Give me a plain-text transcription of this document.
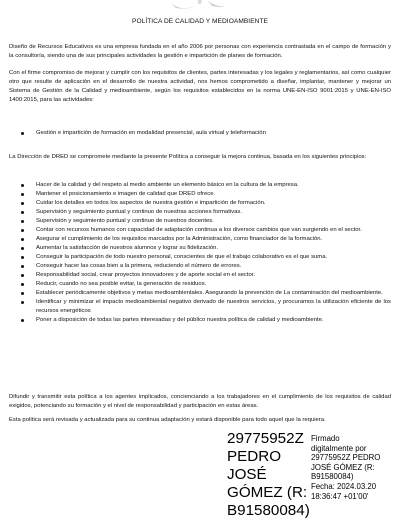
POLÍTICA DE CALIDAD Y MEDIOAMBIENTE
Diseño de Recursos Educativos es una empresa fundada en el año 2006 por personas con experiencia contrastada en el campo de formación y la consultoría, siendo una de sus principales actividades la gestión e impartición de planes de formación.
Con el firme compromiso de mejorar y cumplir con los requisitos de clientes, partes interesadas y los legales y reglamentarios, así como cualquier otro que resulte de aplicación en el desarrollo de nuestra actividad, nos hemos comprometido a diseñar, implantar, mantener y mejorar un Sistema de Gestión de la Calidad y medioambiente, según los requisitos establecidos en la norma UNE-EN-ISO 9001:2015 y UNE-EN-ISO 1400:2015, para las actividades:
Gestión e impartición de formación en modalidad presencial, aula virtual y teleformación
La Dirección de DRED se compromete mediante la presente Política a conseguir la mejora continua, basada en los siguientes principios:
Hacer de la calidad y del respeto al medio ambiente un elemento básico en la cultura de la empresa.
Mantener el posicionamiento e imagen de calidad que DRED ofrece.
Cuidar los detalles en todos los aspectos de nuestra gestión e impartición de formación.
Supervisión y seguimiento puntual y continuo de nuestras acciones formativas.
Supervisión y seguimiento puntual y continuo de nuestros docentes.
Contar con recursos humanos con capacidad de adaptación continua a los diversos cambios que van surgiendo en el sector.
Asegurar el cumplimiento de los requisitos marcados por la Administración, como financiador de la formación.
Aumentar la satisfacción de nuestros alumnos y lograr su fidelización.
Conseguir la participación de todo nuestro personal, conscientes de que el trabajo colaborativo es el que suma.
Conseguir hacer las cosas bien a la primera, reduciendo el número de errores.
Responsabilidad social, crear proyectos innovadores y de aporte social en el sector.
Reducir, cuando no sea posible evitar, la generación de residuos.
Establecer periódicamente objetivos y metas medioambientales. Asegurando la prevención de La contaminación del medioambiente.
Identificar y minimizar el impacto medioambiental negativo derivado de nuestros servicios, y procuramos la utilización eficiente de los recursos energéticos
Poner a disposición de todas las partes interesadas y del público nuestra política de calidad y medioambiente.
Difundir y transmitir esta política a los agentes implicados, concienciando a los trabajadores en el cumplimiento de los requisitos de calidad exigidos, potenciando su formación y el nivel de responsabilidad y participación en estas áreas.
Esta política será revisada y actualizada para su continua adaptación y estará disponible para todo aquel que la requiera.
29775952Z
PEDRO
JOSÉ
GÓMEZ (R:
B91580084)
Firmado
digitalmente por
29775952Z PEDRO
JOSÉ GÓMEZ (R:
B91580084)
Fecha: 2024.03.20
18:36:47 +01'00'
